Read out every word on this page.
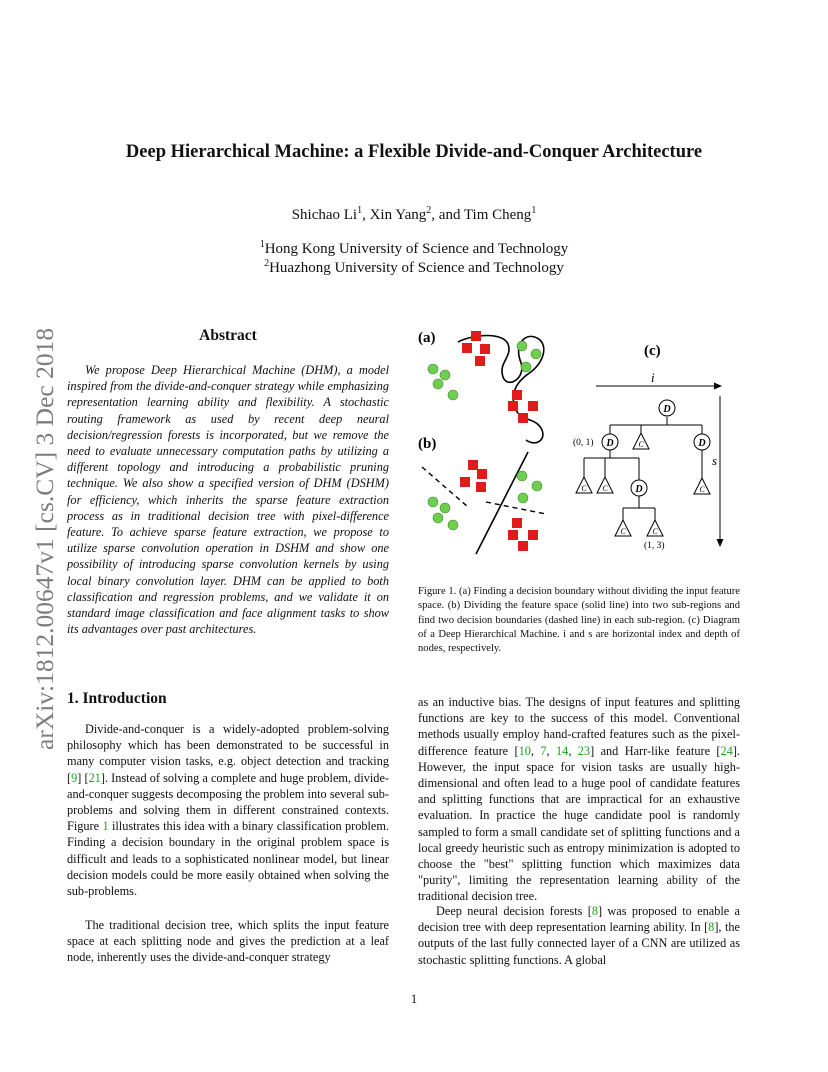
arXiv:1812.00647v1 [cs.CV] 3 Dec 2018
Deep Hierarchical Machine: a Flexible Divide-and-Conquer Architecture
Shichao Li$^1$, Xin Yang$^2$, and Tim Cheng$^1$
$^1$Hong Kong University of Science and Technology
$^2$Huazhong University of Science and Technology
Abstract
We propose Deep Hierarchical Machine (DHM), a model inspired from the divide-and-conquer strategy while emphasizing representation learning ability and flexibility. A stochastic routing framework as used by recent deep neural decision/regression forests is incorporated, but we remove the need to evaluate unnecessary computation paths by utilizing a different topology and introducing a probabilistic pruning technique. We also show a specified version of DHM (DSHM) for efficiency, which inherits the sparse feature extraction process as in traditional decision tree with pixel-difference feature. To achieve sparse feature extraction, we propose to utilize sparse convolution operation in DSHM and show one possibility of introducing sparse convolution kernels by using local binary convolution layer. DHM can be applied to both classification and regression problems, and we validate it on standard image classification and face alignment tasks to show its advantages over past architectures.
(a)
(b)
(c)
i
s
D
D
(0, 1)	C	D
C C	D	C
C	C
(1, 3)
Figure 1. (a) Finding a decision boundary without dividing the input feature space. (b) Dividing the feature space (solid line) into two sub-regions and find two decision boundaries (dashed line) in each sub-region. (c) Diagram of a Deep Hierarchical Machine. i and s are horizontal index and depth of nodes, respectively.
1. Introduction
Divide-and-conquer is a widely-adopted problem-solving philosophy which has been demonstrated to be successful in many computer vision tasks, e.g. object detection and tracking [9] [21]. Instead of solving a complete and huge problem, divide-and-conquer suggests decomposing the problem into several sub-problems and solving them in different constrained contexts. Figure 1 illustrates this idea with a binary classification problem. Finding a decision boundary in the original problem space is difficult and leads to a sophisticated nonlinear model, but linear decision models could be more easily obtained when solving the sub-problems.
The traditional decision tree, which splits the input feature space at each splitting node and gives the prediction at a leaf node, inherently uses the divide-and-conquer strategy
as an inductive bias. The designs of input features and splitting functions are key to the success of this model. Conventional methods usually employ hand-crafted features such as the pixel-difference feature [10, 7, 14, 23] and Harr-like feature [24]. However, the input space for vision tasks are usually high-dimensional and often lead to a huge pool of candidate features and splitting functions that are impractical for an exhaustive evaluation. In practice the huge candidate pool is randomly sampled to form a small candidate set of splitting functions and a local greedy heuristic such as entropy minimization is adopted to choose the "best" splitting function which maximizes data "purity", limiting the representation learning ability of the traditional decision tree.
Deep neural decision forests [8] was proposed to enable a decision tree with deep representation learning ability. In [8], the outputs of the last fully connected layer of a CNN are utilized as stochastic splitting functions. A global
1
